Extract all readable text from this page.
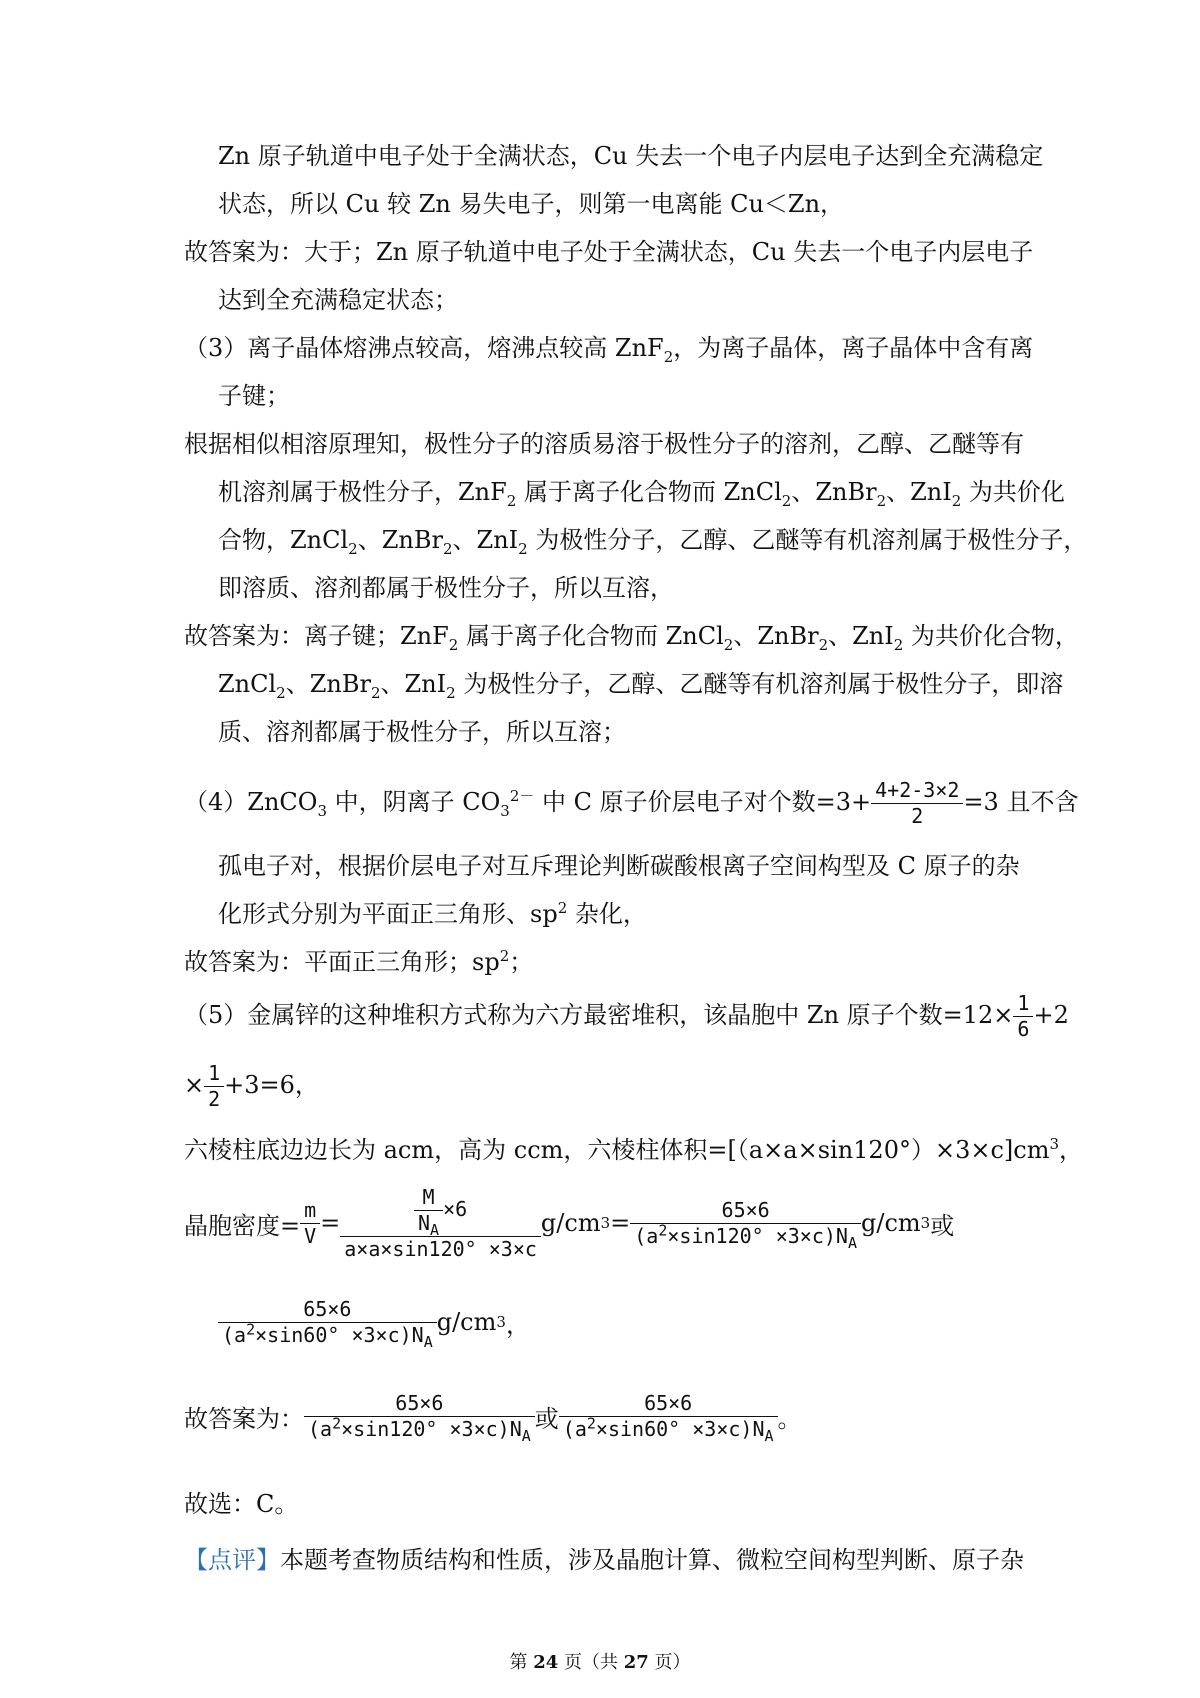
Zn 原子轨道中电子处于全满状态，Cu 失去一个电子内层电子达到全充满稳定
状态，所以 Cu 较 Zn 易失电子，则第一电离能 Cu＜Zn，
故答案为：大于；Zn 原子轨道中电子处于全满状态，Cu 失去一个电子内层电子
达到全充满稳定状态；
（3）离子晶体熔沸点较高，熔沸点较高 ZnF$_2$，为离子晶体，离子晶体中含有离
子键；
根据相似相溶原理知，极性分子的溶质易溶于极性分子的溶剂，乙醇、乙醚等有
机溶剂属于极性分子，ZnF$_2$ 属于离子化合物而 ZnCl$_2$、ZnBr$_2$、ZnI$_2$ 为共价化
合物，ZnCl$_2$、ZnBr$_2$、ZnI$_2$ 为极性分子，乙醇、乙醚等有机溶剂属于极性分子，
即溶质、溶剂都属于极性分子，所以互溶，
故答案为：离子键；ZnF$_2$ 属于离子化合物而 ZnCl$_2$、ZnBr$_2$、ZnI$_2$ 为共价化合物，
ZnCl$_2$、ZnBr$_2$、ZnI$_2$ 为极性分子，乙醇、乙醚等有机溶剂属于极性分子，即溶
质、溶剂都属于极性分子，所以互溶；
（4）ZnCO$_3$ 中，阴离子 $CO_3^{2-}$ 中 C 原子价层电子对个数$=3+ \frac{4+2-3\times 2}{2} =3$ 且不含
孤电子对，根据价层电子对互斥理论判断碳酸根离子空间构型及 C 原子的杂
化形式分别为平面正三角形、$sp^2$ 杂化，
故答案为：平面正三角形；$sp^2$；
（5）金属锌的这种堆积方式称为六方最密堆积，该晶胞中 Zn 原子个数$=12\times \frac{1}{6} +2$
× $\frac{1}{2} +3=6$，
六棱柱底边边长为 acm，高为 ccm，六棱柱体积$=[(a\times a\times\sin 120^\circ)\times 3\times c]cm^3$，
晶胞密度= $\frac{m}{V} = \frac{\frac{M}{N_A} \times 6}{a\times a\times\sin 120^\circ \times 3\times c} g/cm$ $3 = \frac{65\times 6}{(a^2\times\sin 120^\circ \times 3\times c)N_A} g/cm$ 3 或
$\frac{65\times 6}{(a^2\times\sin 60^\circ \times 3\times c)N_A} g/cm$ 3 ，
故答案为： $\frac{65\times 6}{(a^2\times\sin 120^\circ \times 3\times c)N_A}$ 或 $\frac{65\times 6}{(a^2\times\sin 60^\circ \times 3\times c)N_A}$ 。
故选：C。
【点评】本题考查物质结构和性质，涉及晶胞计算、微粒空间构型判断、原子杂
第 24 页（共 27 页）
